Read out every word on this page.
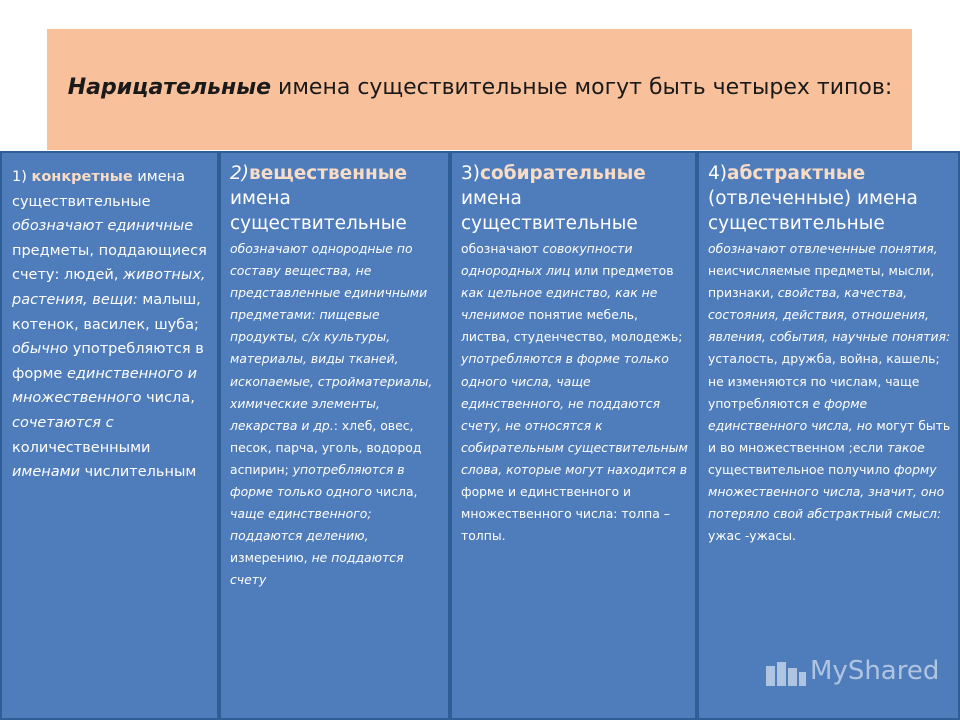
Нарицательные имена существительные могут быть четырех типов:
1) конкретные имена существительные
обозначают единичные предметы, поддающиеся счету: людей, животных, растения, вещи: малыш, котенок, василек, шуба; обычно употребляются в форме единственного и множественного числа, сочетаются с количественными именами числительным
2)вещественные имена существительные
обозначают однородные по составу вещества, не представленные единичными предметами: пищевые продукты, с/х культуры, материалы, виды тканей, ископаемые, стройматериалы, химические элементы, лекарства и др.: хлеб, овес, песок, парча, уголь, водород аспирин; употребляются в форме только одного числа, чаще единственного; поддаются делению, измерению, не поддаются счету
3)собирательные имена существительные
обозначают совокупности однородных лиц или предметов как цельное единство, как не членимое понятие мебель, листва, студенчество, молодежь; употребляются в форме только одного числа, чаще единственного, не поддаются счету, не относятся к собирательным существительным слова, которые могут находится в форме и единственного и множественного числа: толпа – толпы.
4)абстрактные (отвлеченные) имена существительные
обозначают отвлеченные понятия, неисчисляемые предметы, мысли, признаки, свойства, качества, состояния, действия, отношения, явления, события, научные понятия: усталость, дружба, война, кашель; не изменяются по числам, чаще употребляются е форме единственного числа, но могут быть и во множественном ;если такое существительное получило форму множественного числа, значит, оно потеряло свой абстрактный смысл: ужас -ужасы.
MyShared
